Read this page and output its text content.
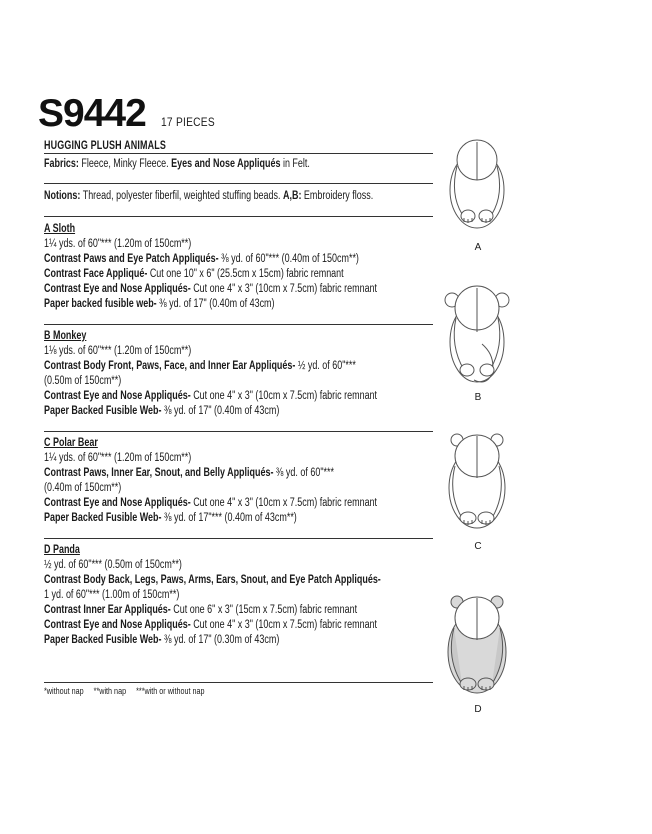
S9442 17 PIECES
HUGGING PLUSH ANIMALS
Fabrics: Fleece, Minky Fleece. Eyes and Nose Appliqués in Felt.
Notions: Thread, polyester fiberfil, weighted stuffing beads. A,B: Embroidery floss.
A Sloth
1¼ yds. of 60"*** (1.20m of 150cm**)
Contrast Paws and Eye Patch Appliqués- ⅜ yd. of 60"*** (0.40m of 150cm**)
Contrast Face Appliqué- Cut one 10" x 6" (25.5cm x 15cm) fabric remnant
Contrast Eye and Nose Appliqués- Cut one 4" x 3" (10cm x 7.5cm) fabric remnant
Paper backed fusible web- ⅜ yd. of 17" (0.40m of 43cm)
B Monkey
1⅛ yds. of 60"*** (1.20m of 150cm**)
Contrast Body Front, Paws, Face, and Inner Ear Appliqués- ½ yd. of 60"***
(0.50m of 150cm**)
Contrast Eye and Nose Appliqués- Cut one 4" x 3" (10cm x 7.5cm) fabric remnant
Paper Backed Fusible Web- ⅜ yd. of 17" (0.40m of 43cm)
C Polar Bear
1¼ yds. of 60"*** (1.20m of 150cm**)
Contrast Paws, Inner Ear, Snout, and Belly Appliqués- ⅜ yd. of 60"***
(0.40m of 150cm**)
Contrast Eye and Nose Appliqués- Cut one 4" x 3" (10cm x 7.5cm) fabric remnant
Paper Backed Fusible Web- ⅜ yd. of 17"*** (0.40m of 43cm**)
D Panda
½ yd. of 60"*** (0.50m of 150cm**)
Contrast Body Back, Legs, Paws, Arms, Ears, Snout, and Eye Patch Appliqués-
1 yd. of 60"*** (1.00m of 150cm**)
Contrast Inner Ear Appliqués- Cut one 6" x 3" (15cm x 7.5cm) fabric remnant
Contrast Eye and Nose Appliqués- Cut one 4" x 3" (10cm x 7.5cm) fabric remnant
Paper Backed Fusible Web- ⅜ yd. of 17" (0.30m of 43cm)
*without nap **with nap ***with or without nap
A
B
C
D
